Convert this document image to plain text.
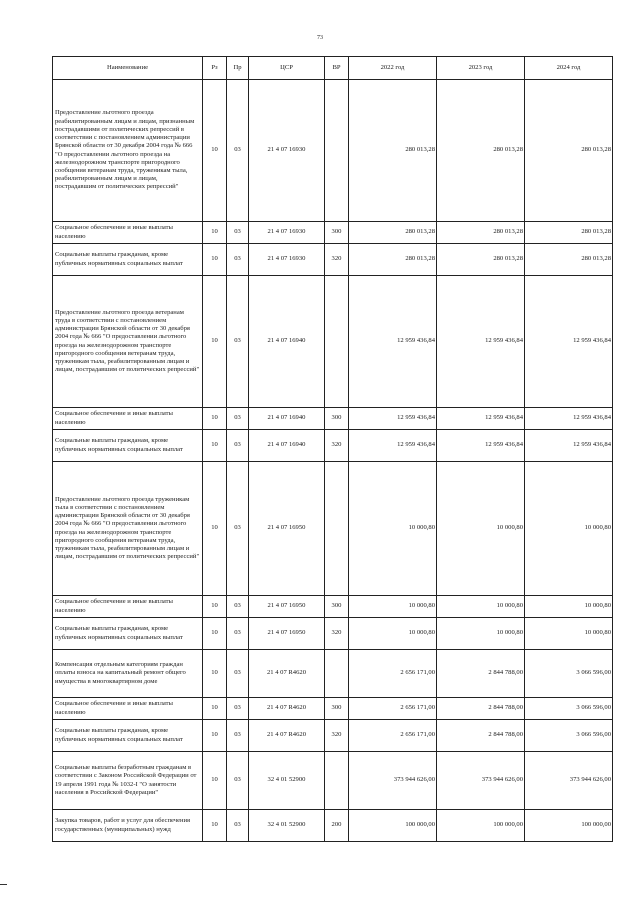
73
Наименование	Рз	Пр	ЦСР	ВР	2022 год	2023 год	2024 год
Предоставление льготного проезда реабилитированным лицам и лицам, признанным пострадавшими от политических репрессий в соответствии с постановлением администрации Брянской области от 30 декабря 2004 года № 666 "О предоставлении льготного проезда на железнодорожном транспорте пригородного сообщения ветеранам труда, труженикам тыла, реабилитированным лицам и лицам, пострадавшим от политических репрессий"	10	03	21 4 07 16930		280 013,28	280 013,28	280 013,28
Социальное обеспечение и иные выплаты населению	10	03	21 4 07 16930	300	280 013,28	280 013,28	280 013,28
Социальные выплаты гражданам, кроме публичных нормативных социальных выплат	10	03	21 4 07 16930	320	280 013,28	280 013,28	280 013,28
Предоставление льготного проезда ветеранам труда в соответствии с постановлением администрации Брянской области от 30 декабря 2004 года № 666 "О предоставлении льготного проезда на железнодорожном транспорте пригородного сообщения ветеранам труда, труженикам тыла, реабилитированным лицам и лицам, пострадавшим от политических репрессий"	10	03	21 4 07 16940		12 959 436,84	12 959 436,84	12 959 436,84
Социальное обеспечение и иные выплаты населению	10	03	21 4 07 16940	300	12 959 436,84	12 959 436,84	12 959 436,84
Социальные выплаты гражданам, кроме публичных нормативных социальных выплат	10	03	21 4 07 16940	320	12 959 436,84	12 959 436,84	12 959 436,84
Предоставление льготного проезда труженикам тыла в соответствии с постановлением администрации Брянской области от 30 декабря 2004 года № 666 "О предоставлении льготного проезда на железнодорожном транспорте пригородного сообщения ветеранам труда, труженикам тыла, реабилитированным лицам и лицам, пострадавшим от политических репрессий"	10	03	21 4 07 16950		10 000,80	10 000,80	10 000,80
Социальное обеспечение и иные выплаты населению	10	03	21 4 07 16950	300	10 000,80	10 000,80	10 000,80
Социальные выплаты гражданам, кроме публичных нормативных социальных выплат	10	03	21 4 07 16950	320	10 000,80	10 000,80	10 000,80
Компенсация отдельным категориям граждан оплаты взноса на капитальный ремонт общего имущества в многоквартирном доме	10	03	21 4 07 R4620		2 656 171,00	2 844 788,00	3 066 596,00
Социальное обеспечение и иные выплаты населению	10	03	21 4 07 R4620	300	2 656 171,00	2 844 788,00	3 066 596,00
Социальные выплаты гражданам, кроме публичных нормативных социальных выплат	10	03	21 4 07 R4620	320	2 656 171,00	2 844 788,00	3 066 596,00
Социальные выплаты безработным гражданам в соответствии с Законом Российской Федерации от 19 апреля 1991 года № 1032-I "О занятости населения в Российской Федерации"	10	03	32 4 01 52900		373 944 626,00	373 944 626,00	373 944 626,00
Закупка товаров, работ и услуг для обеспечения государственных (муниципальных) нужд	10	03	32 4 01 52900	200	100 000,00	100 000,00	100 000,00
